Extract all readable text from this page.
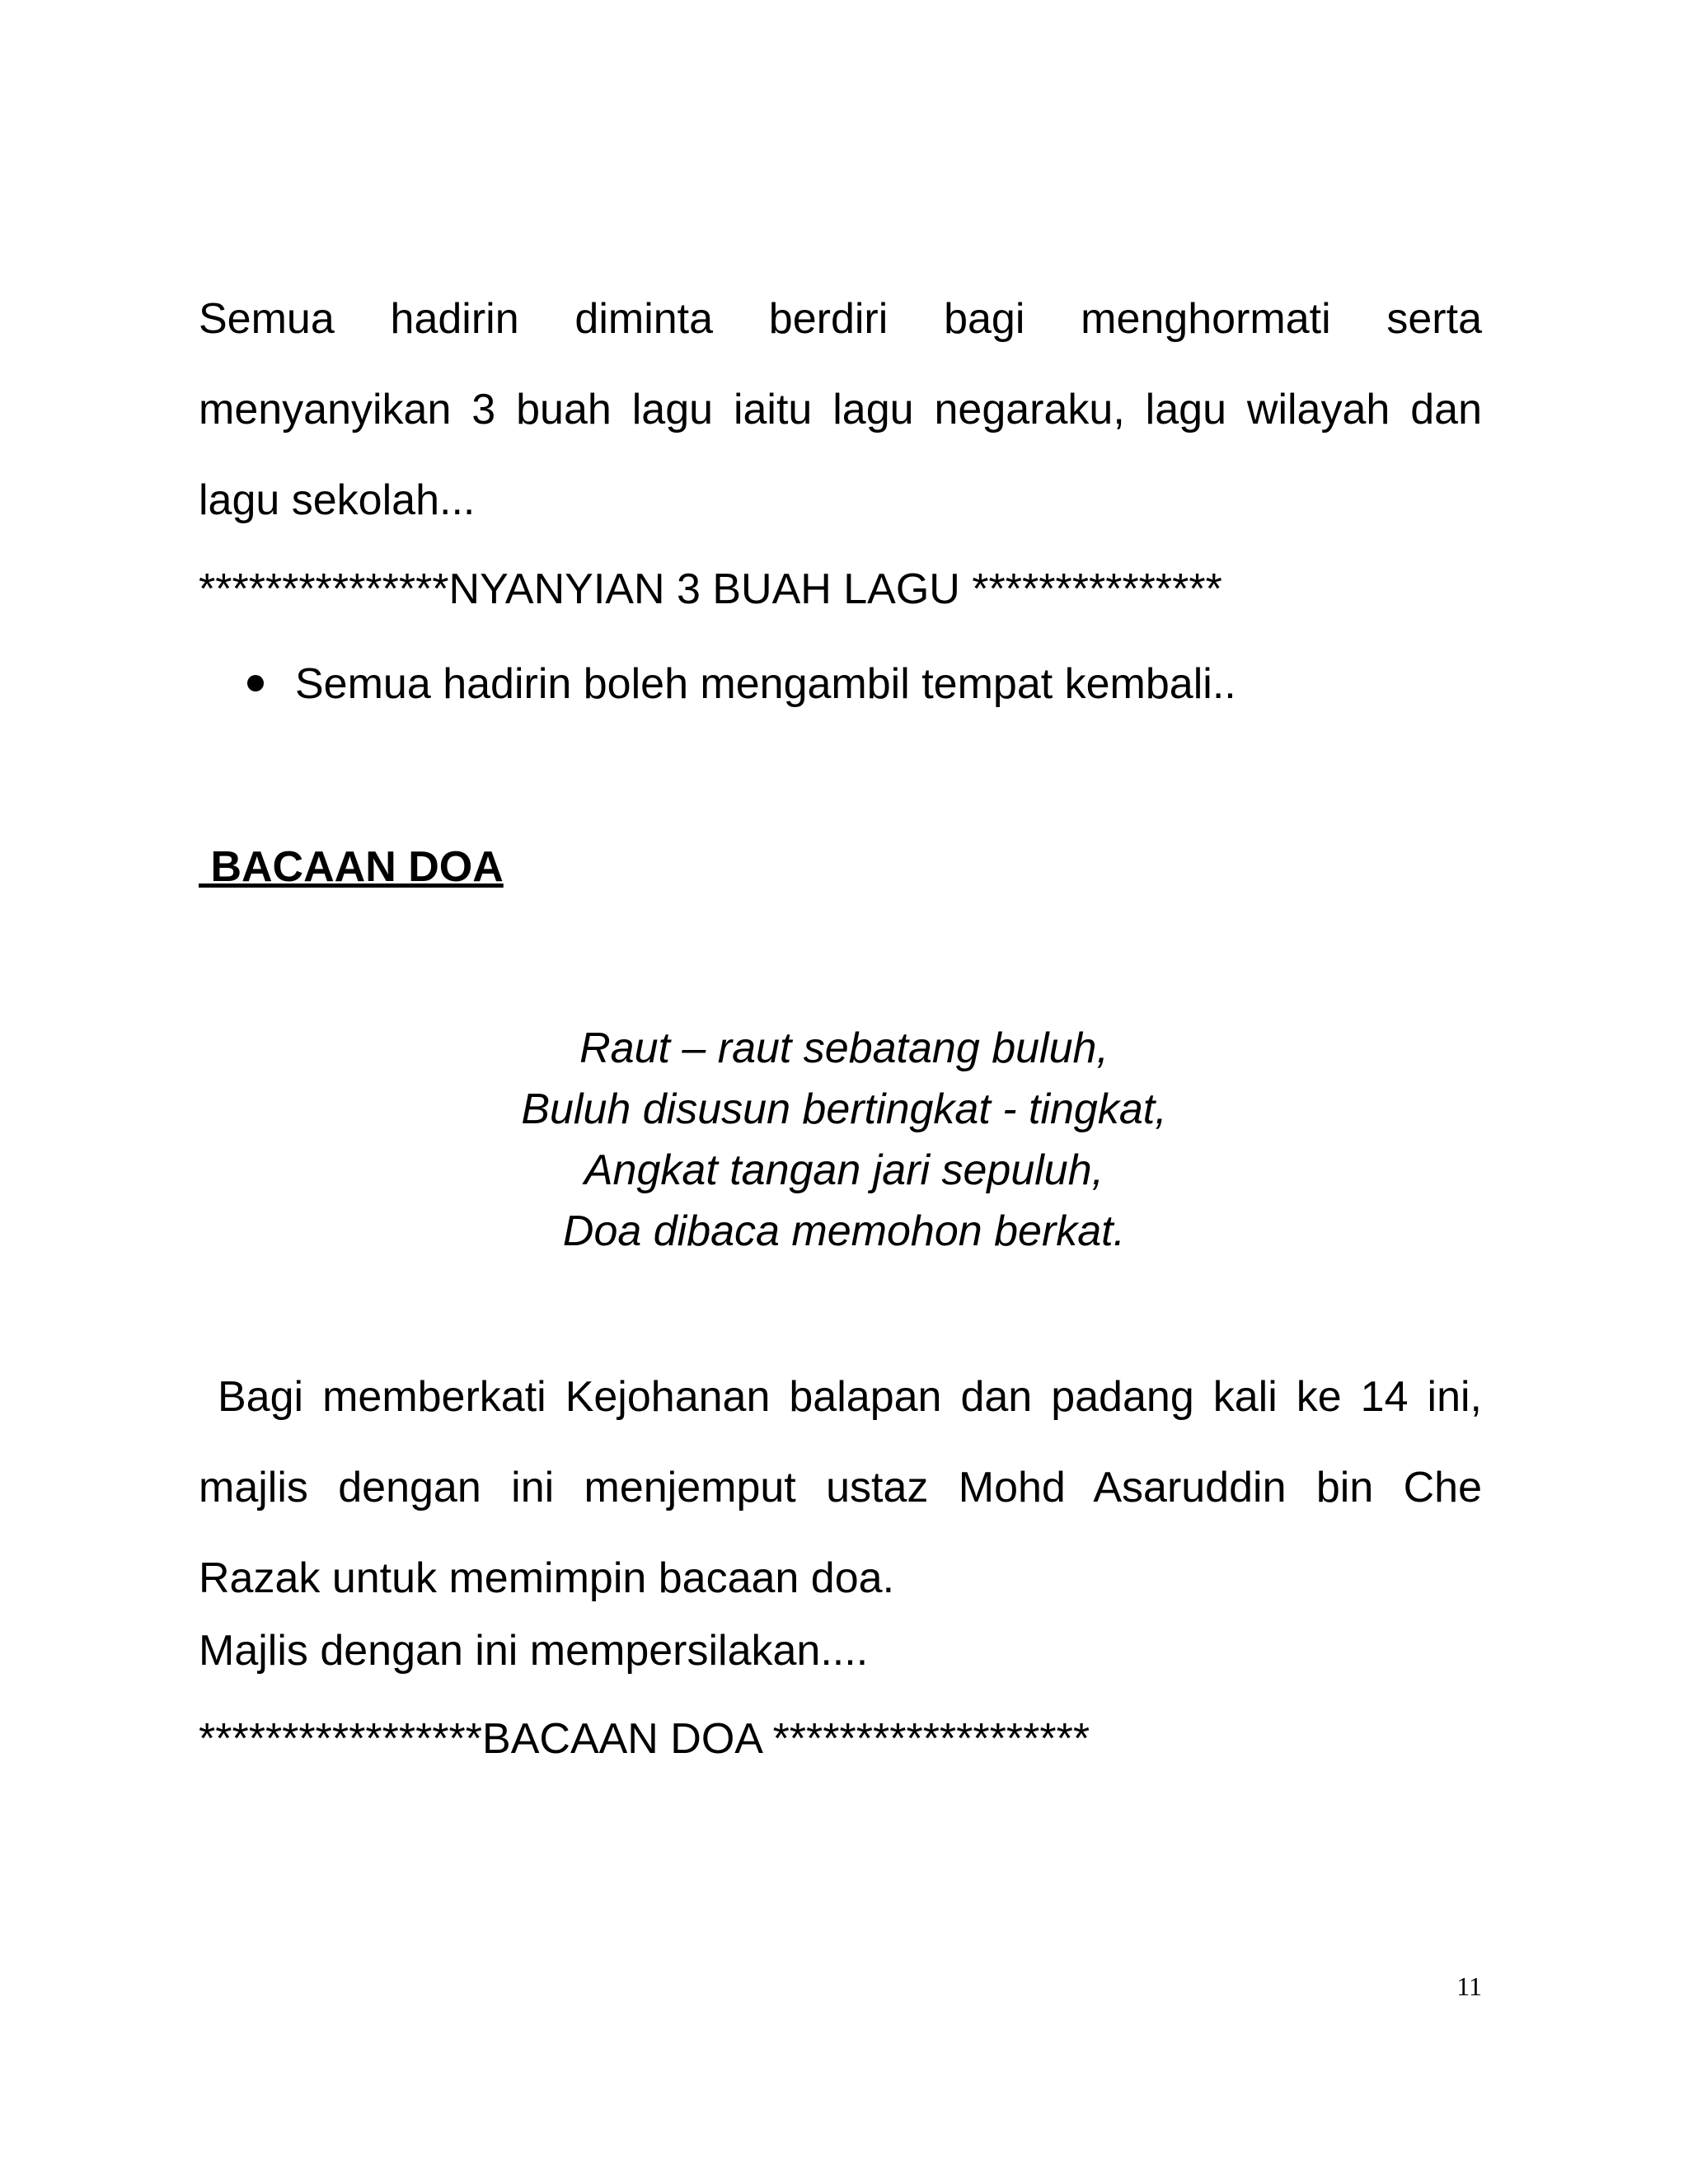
Semua hadirin diminta berdiri bagi menghormati serta
menyanyikan 3 buah lagu iaitu lagu negaraku, lagu wilayah dan
lagu sekolah...
***************NYANYIAN 3 BUAH LAGU ***************
Semua hadirin boleh mengambil tempat kembali..
BACAAN DOA
Raut – raut sebatang buluh,
Buluh disusun bertingkat - tingkat,
Angkat tangan jari sepuluh,
Doa dibaca memohon berkat.
Bagi memberkati Kejohanan balapan dan padang kali ke 14 ini,
majlis dengan ini menjemput ustaz Mohd Asaruddin bin Che
Razak untuk memimpin bacaan doa.
Majlis dengan ini mempersilakan....
*****************BACAAN DOA *******************
11
